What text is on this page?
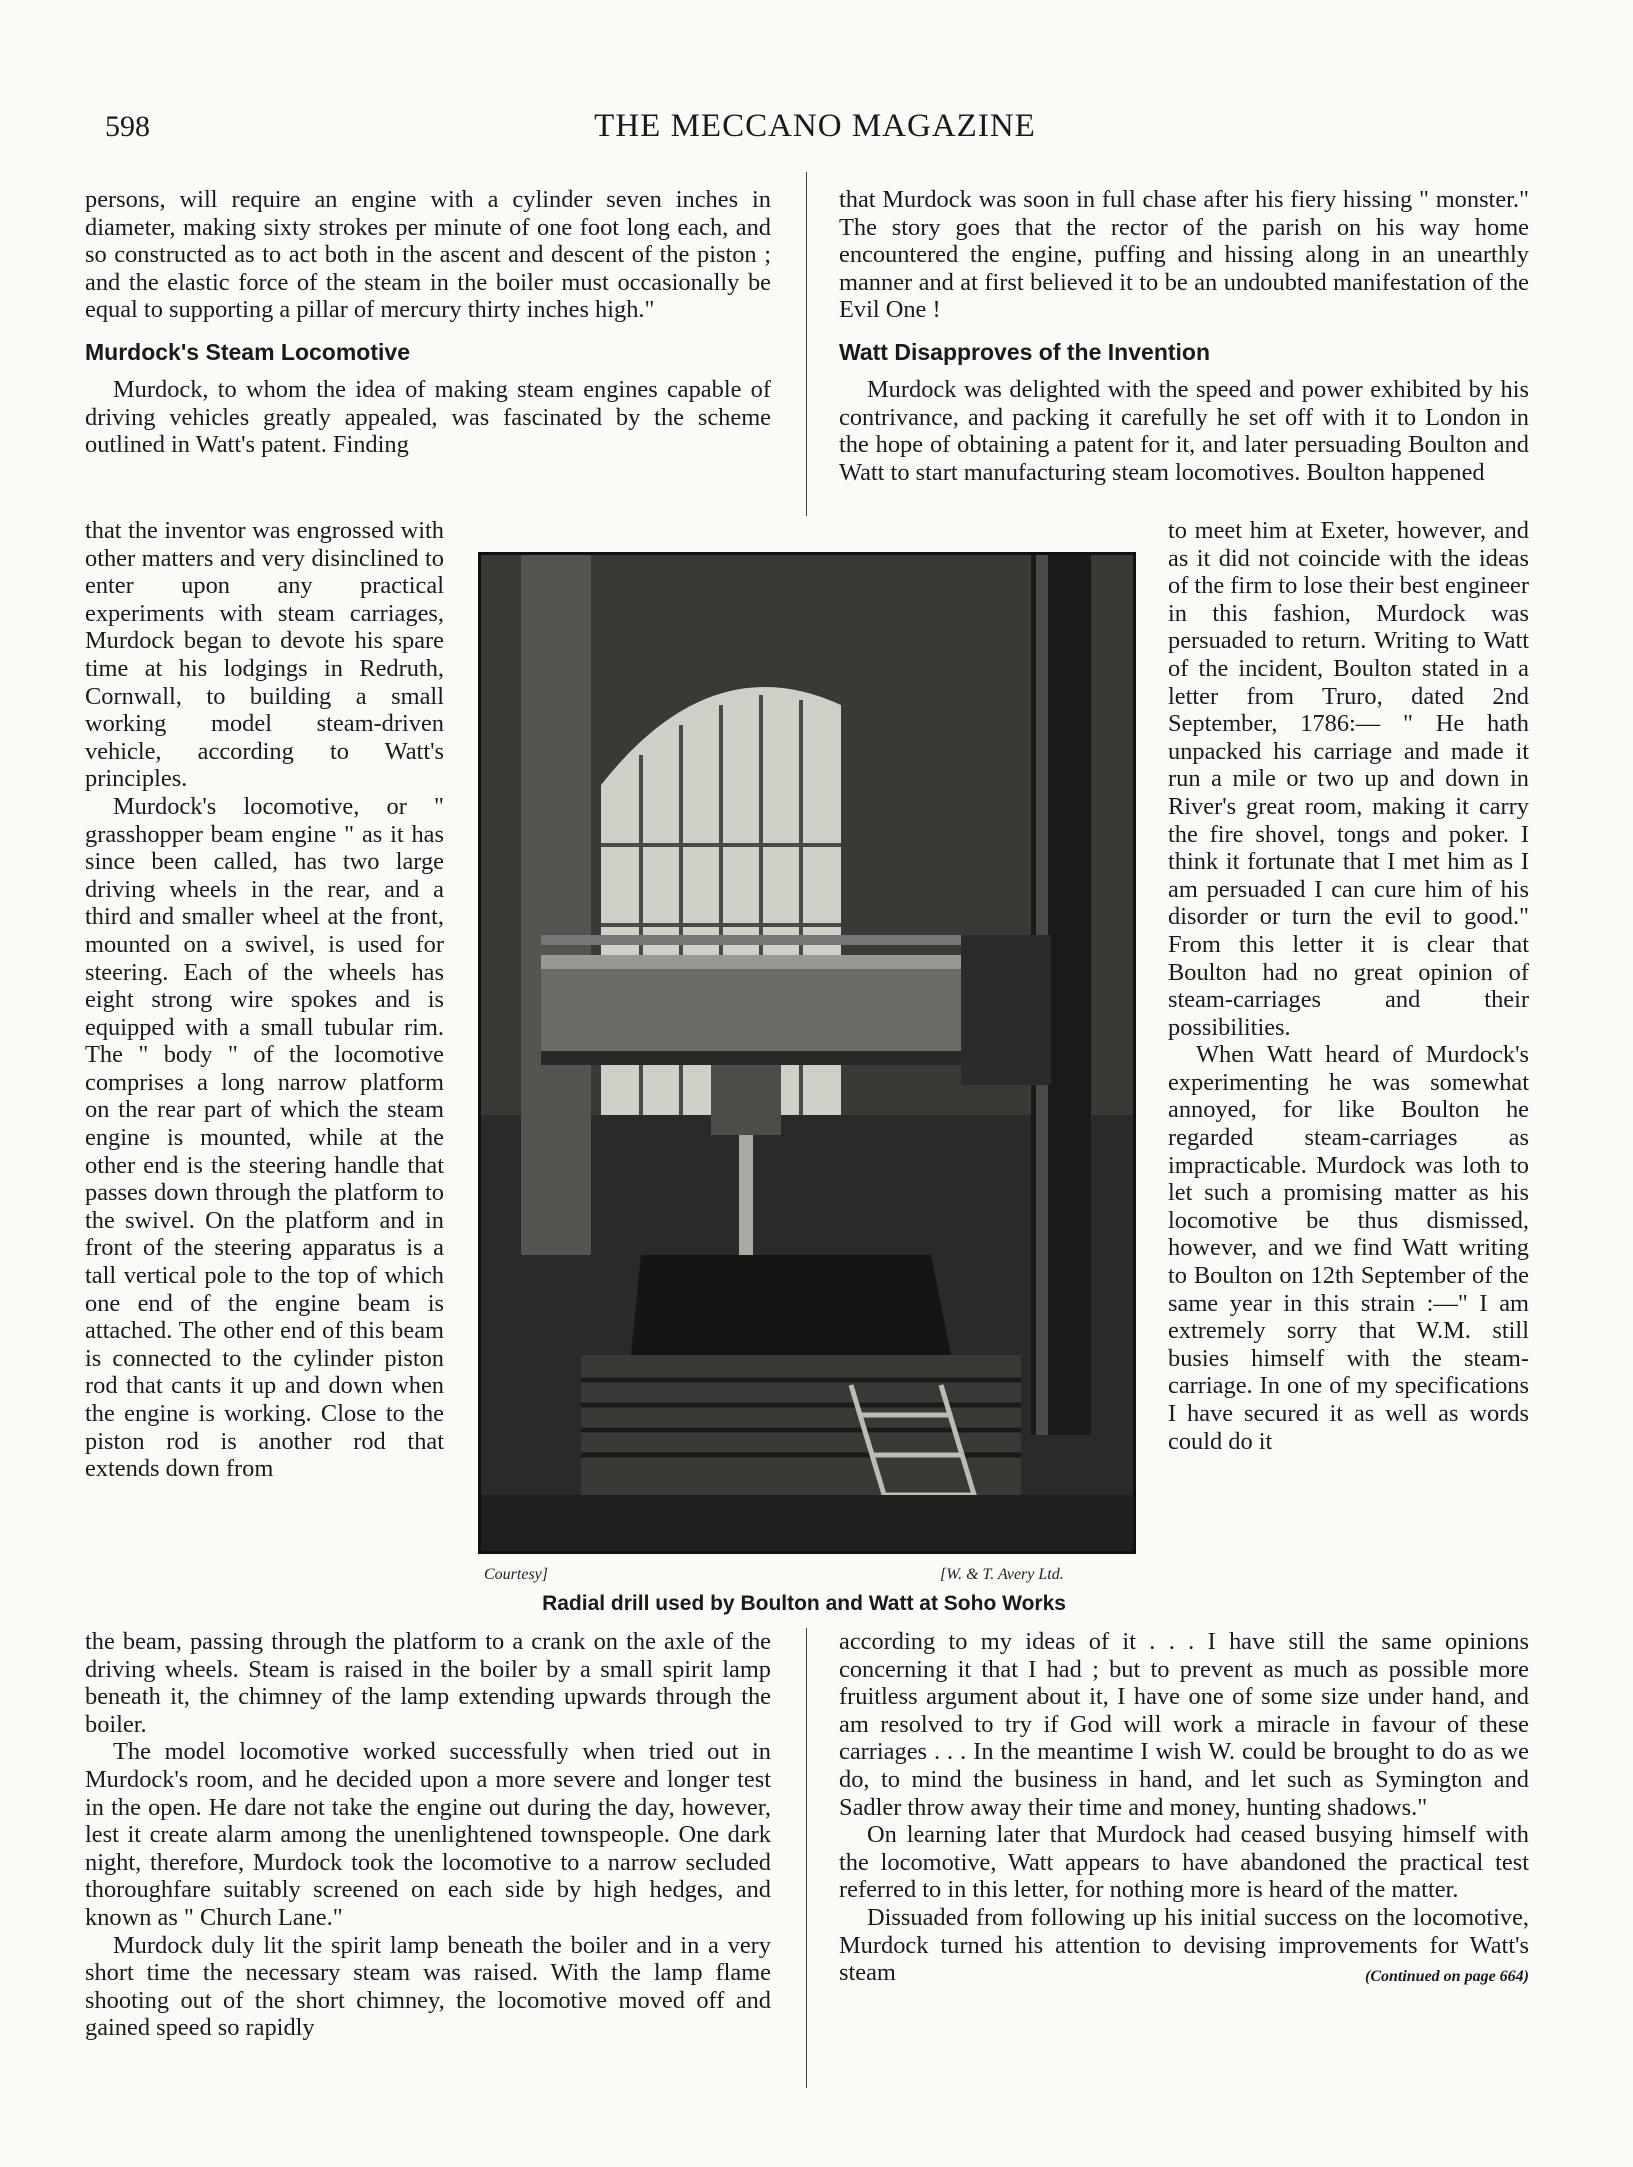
598	THE MECCANO MAGAZINE

persons, will require an engine with a cylinder seven inches in diameter, making sixty strokes per minute of one foot long each, and so constructed as to act both in the ascent and descent of the piston ; and the elastic force of the steam in the boiler must occasionally be equal to supporting a pillar of mercury thirty inches high."

Murdock's Steam Locomotive

Murdock, to whom the idea of making steam engines capable of driving vehicles greatly appealed, was fascinated by the scheme outlined in Watt's patent. Finding

that the inventor was engrossed with other matters and very disinclined to enter upon any practical experiments with steam carriages, Murdock began to devote his spare time at his lodgings in Redruth, Cornwall, to building a small working model steam-driven vehicle, according to Watt's principles.

Murdock's locomotive, or " grasshopper beam engine " as it has since been called, has two large driving wheels in the rear, and a third and smaller wheel at the front, mounted on a swivel, is used for steering. Each of the wheels has eight strong wire spokes and is equipped with a small tubular rim. The " body " of the locomotive comprises a long narrow platform on the rear part of which the steam engine is mounted, while at the other end is the steering handle that passes down through the platform to the swivel. On the platform and in front of the steering apparatus is a tall vertical pole to the top of which one end of the engine beam is attached. The other end of this beam is connected to the cylinder piston rod that cants it up and down when the engine is working. Close to the piston rod is another rod that extends down from

the beam, passing through the platform to a crank on the axle of the driving wheels. Steam is raised in the boiler by a small spirit lamp beneath it, the chimney of the lamp extending upwards through the boiler.

The model locomotive worked successfully when tried out in Murdock's room, and he decided upon a more severe and longer test in the open. He dare not take the engine out during the day, however, lest it create alarm among the unenlightened townspeople. One dark night, therefore, Murdock took the locomotive to a narrow secluded thoroughfare suitably screened on each side by high hedges, and known as " Church Lane."

Murdock duly lit the spirit lamp beneath the boiler and in a very short time the necessary steam was raised. With the lamp flame shooting out of the short chimney, the locomotive moved off and gained speed so rapidly

that Murdock was soon in full chase after his fiery hissing " monster." The story goes that the rector of the parish on his way home encountered the engine, puffing and hissing along in an unearthly manner and at first believed it to be an undoubted manifestation of the Evil One !

Watt Disapproves of the Invention

Murdock was delighted with the speed and power exhibited by his contrivance, and packing it carefully he set off with it to London in the hope of obtaining a patent for it, and later persuading Boulton and Watt to start manufacturing steam locomotives. Boulton happened

to meet him at Exeter, however, and as it did not coincide with the ideas of the firm to lose their best engineer in this fashion, Murdock was persuaded to return. Writing to Watt of the incident, Boulton stated in a letter from Truro, dated 2nd September, 1786:— " He hath unpacked his carriage and made it run a mile or two up and down in River's great room, making it carry the fire shovel, tongs and poker. I think it fortunate that I met him as I am persuaded I can cure him of his disorder or turn the evil to good." From this letter it is clear that Boulton had no great opinion of steam-carriages and their possibilities.

When Watt heard of Murdock's experimenting he was somewhat annoyed, for like Boulton he regarded steam-carriages as impracticable. Murdock was loth to let such a promising matter as his locomotive be thus dismissed, however, and we find Watt writing to Boulton on 12th September of the same year in this strain :—" I am extremely sorry that W.M. still busies himself with the steam-carriage. In one of my specifications I have secured it as well as words could do it

according to my ideas of it . . . I have still the same opinions concerning it that I had ; but to prevent as much as possible more fruitless argument about it, I have one of some size under hand, and am resolved to try if God will work a miracle in favour of these carriages . . . In the meantime I wish W. could be brought to do as we do, to mind the business in hand, and let such as Symington and Sadler throw away their time and money, hunting shadows."

On learning later that Murdock had ceased busying himself with the locomotive, Watt appears to have abandoned the practical test referred to in this letter, for nothing more is heard of the matter.

Dissuaded from following up his initial success on the locomotive, Murdock turned his attention to devising improvements for Watt's steam	(Continued on page 664)

Courtesy]	[W. & T. Avery Ltd.
Radial drill used by Boulton and Watt at Soho Works
